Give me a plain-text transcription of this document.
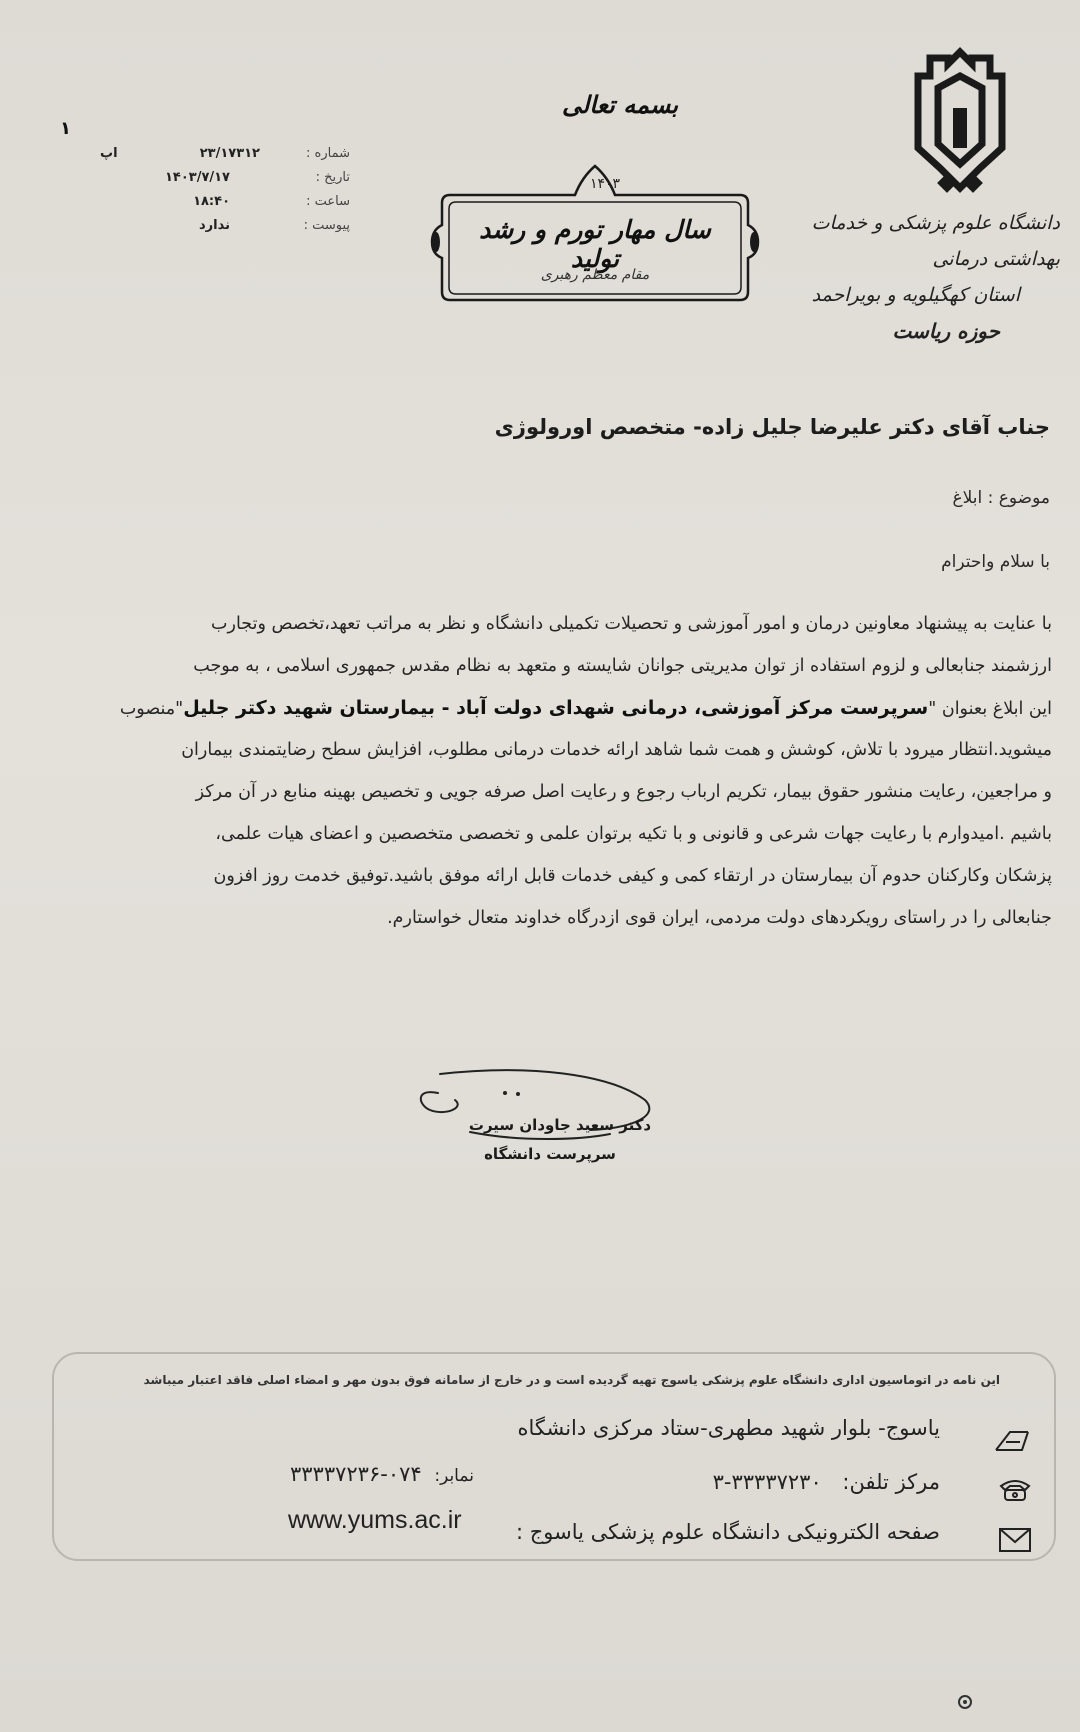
۱
دانشگاه علوم پزشکی و خدمات بهداشتی درمانی
استان کهگیلویه و بویراحمد
حوزه ریاست
بسمه تعالی
۱۴۰۳
سال مهار تورم و رشد تولید
مقام معظم رهبری
شماره :
۲۳/۱۷۳۱۲
اپ
تاریخ :
۱۴۰۳/۷/۱۷
ساعت :
۱۸:۴۰
پیوست :
ندارد
جناب آقای دکتر علیرضا جلیل زاده- متخصص اورولوژی
موضوع : ابلاغ
با سلام واحترام
با عنایت به پیشنهاد معاونین درمان و امور آموزشی و تحصیلات تکمیلی دانشگاه و نظر به مراتب تعهد،تخصص وتجارب
ارزشمند جنابعالی و لزوم استفاده از توان مدیریتی جوانان شایسته و متعهد به نظام مقدس جمهوری اسلامی ، به موجب
این ابلاغ بعنوان "سرپرست مرکز آموزشی، درمانی شهدای دولت آباد - بیمارستان شهید دکتر جلیل"منصوب
میشوید.انتظار میرود با تلاش، کوشش و همت شما شاهد ارائه خدمات درمانی مطلوب، افزایش سطح رضایتمندی بیماران
و مراجعین، رعایت منشور حقوق بیمار، تکریم ارباب رجوع و رعایت اصل صرفه جویی و تخصیص بهینه منابع در آن مرکز
باشیم .امیدوارم با رعایت جهات شرعی و قانونی و با تکیه برتوان علمی و تخصصی متخصصین و اعضای هیات علمی،
پزشکان وکارکنان حدوم آن بیمارستان در ارتقاء کمی و کیفی خدمات قابل ارائه موفق باشید.توفیق خدمت روز افزون
جنابعالی را در راستای رویکردهای دولت مردمی، ایران قوی ازدرگاه خداوند متعال خواستارم.
دکتر سعید جاودان سیرت
سرپرست دانشگاه
این نامه در اتوماسیون اداری دانشگاه علوم پزشکی یاسوج تهیه گردیده است و در خارج از سامانه فوق بدون مهر و امضاء اصلی فاقد اعتبار میباشد
یاسوج- بلوار شهید مطهری-ستاد مرکزی دانشگاه
مرکز تلفن: ۳۳۳۳۷۲۳۰-۳
نمابر: ۰۷۴-۳۳۳۳۷۲۳۶
صفحه الکترونیکی دانشگاه علوم پزشکی یاسوج :
www.yums.ac.ir
